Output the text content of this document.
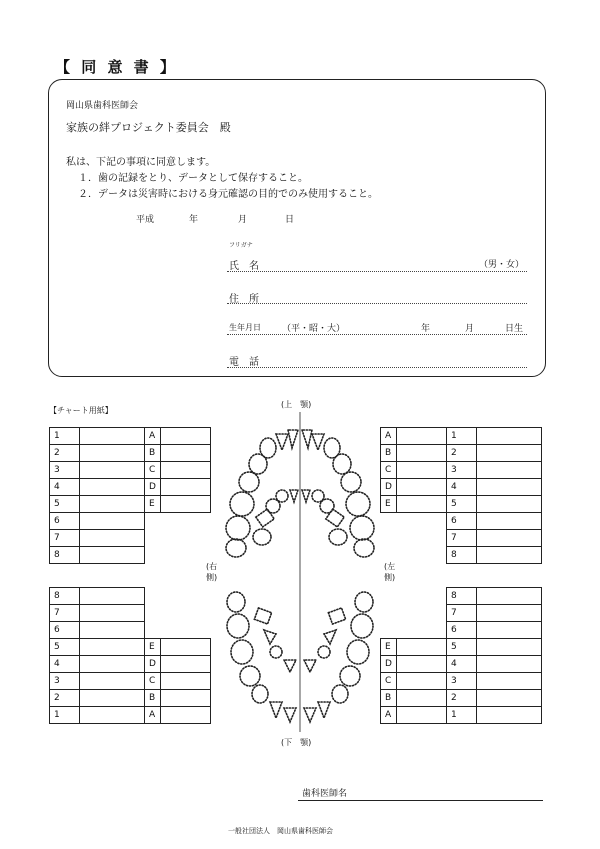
【 同 意 書 】
岡山県歯科医師会
家族の絆プロジェクト委員会　殿
私は、下記の事項に同意します。
１．歯の記録をとり、データとして保存すること。
２．データは災害時における身元確認の目的でのみ使用すること。
平成	年	月	日
フリガナ
氏　名	（男・女）
住　所
生年月日 （平・昭・大）	年	月	日生
電　話
【チャート用紙】
1		A	
2		B	
3		C	
4		D	
5		E	
6			
7			
8			
A		1	
B		2	
C		3	
D		4	
E		5	
		6	
		7	
		8	
8			
7			
6			
5		E	
4		D	
3		C	
2		B	
1		A	
		8	
		7	
		6	
E		5	
D		4	
C		3	
B		2	
A		1	
(上　顎)
(下　顎)
(右側)
(左側)
歯科医師名
一般社団法人　岡山県歯科医師会
